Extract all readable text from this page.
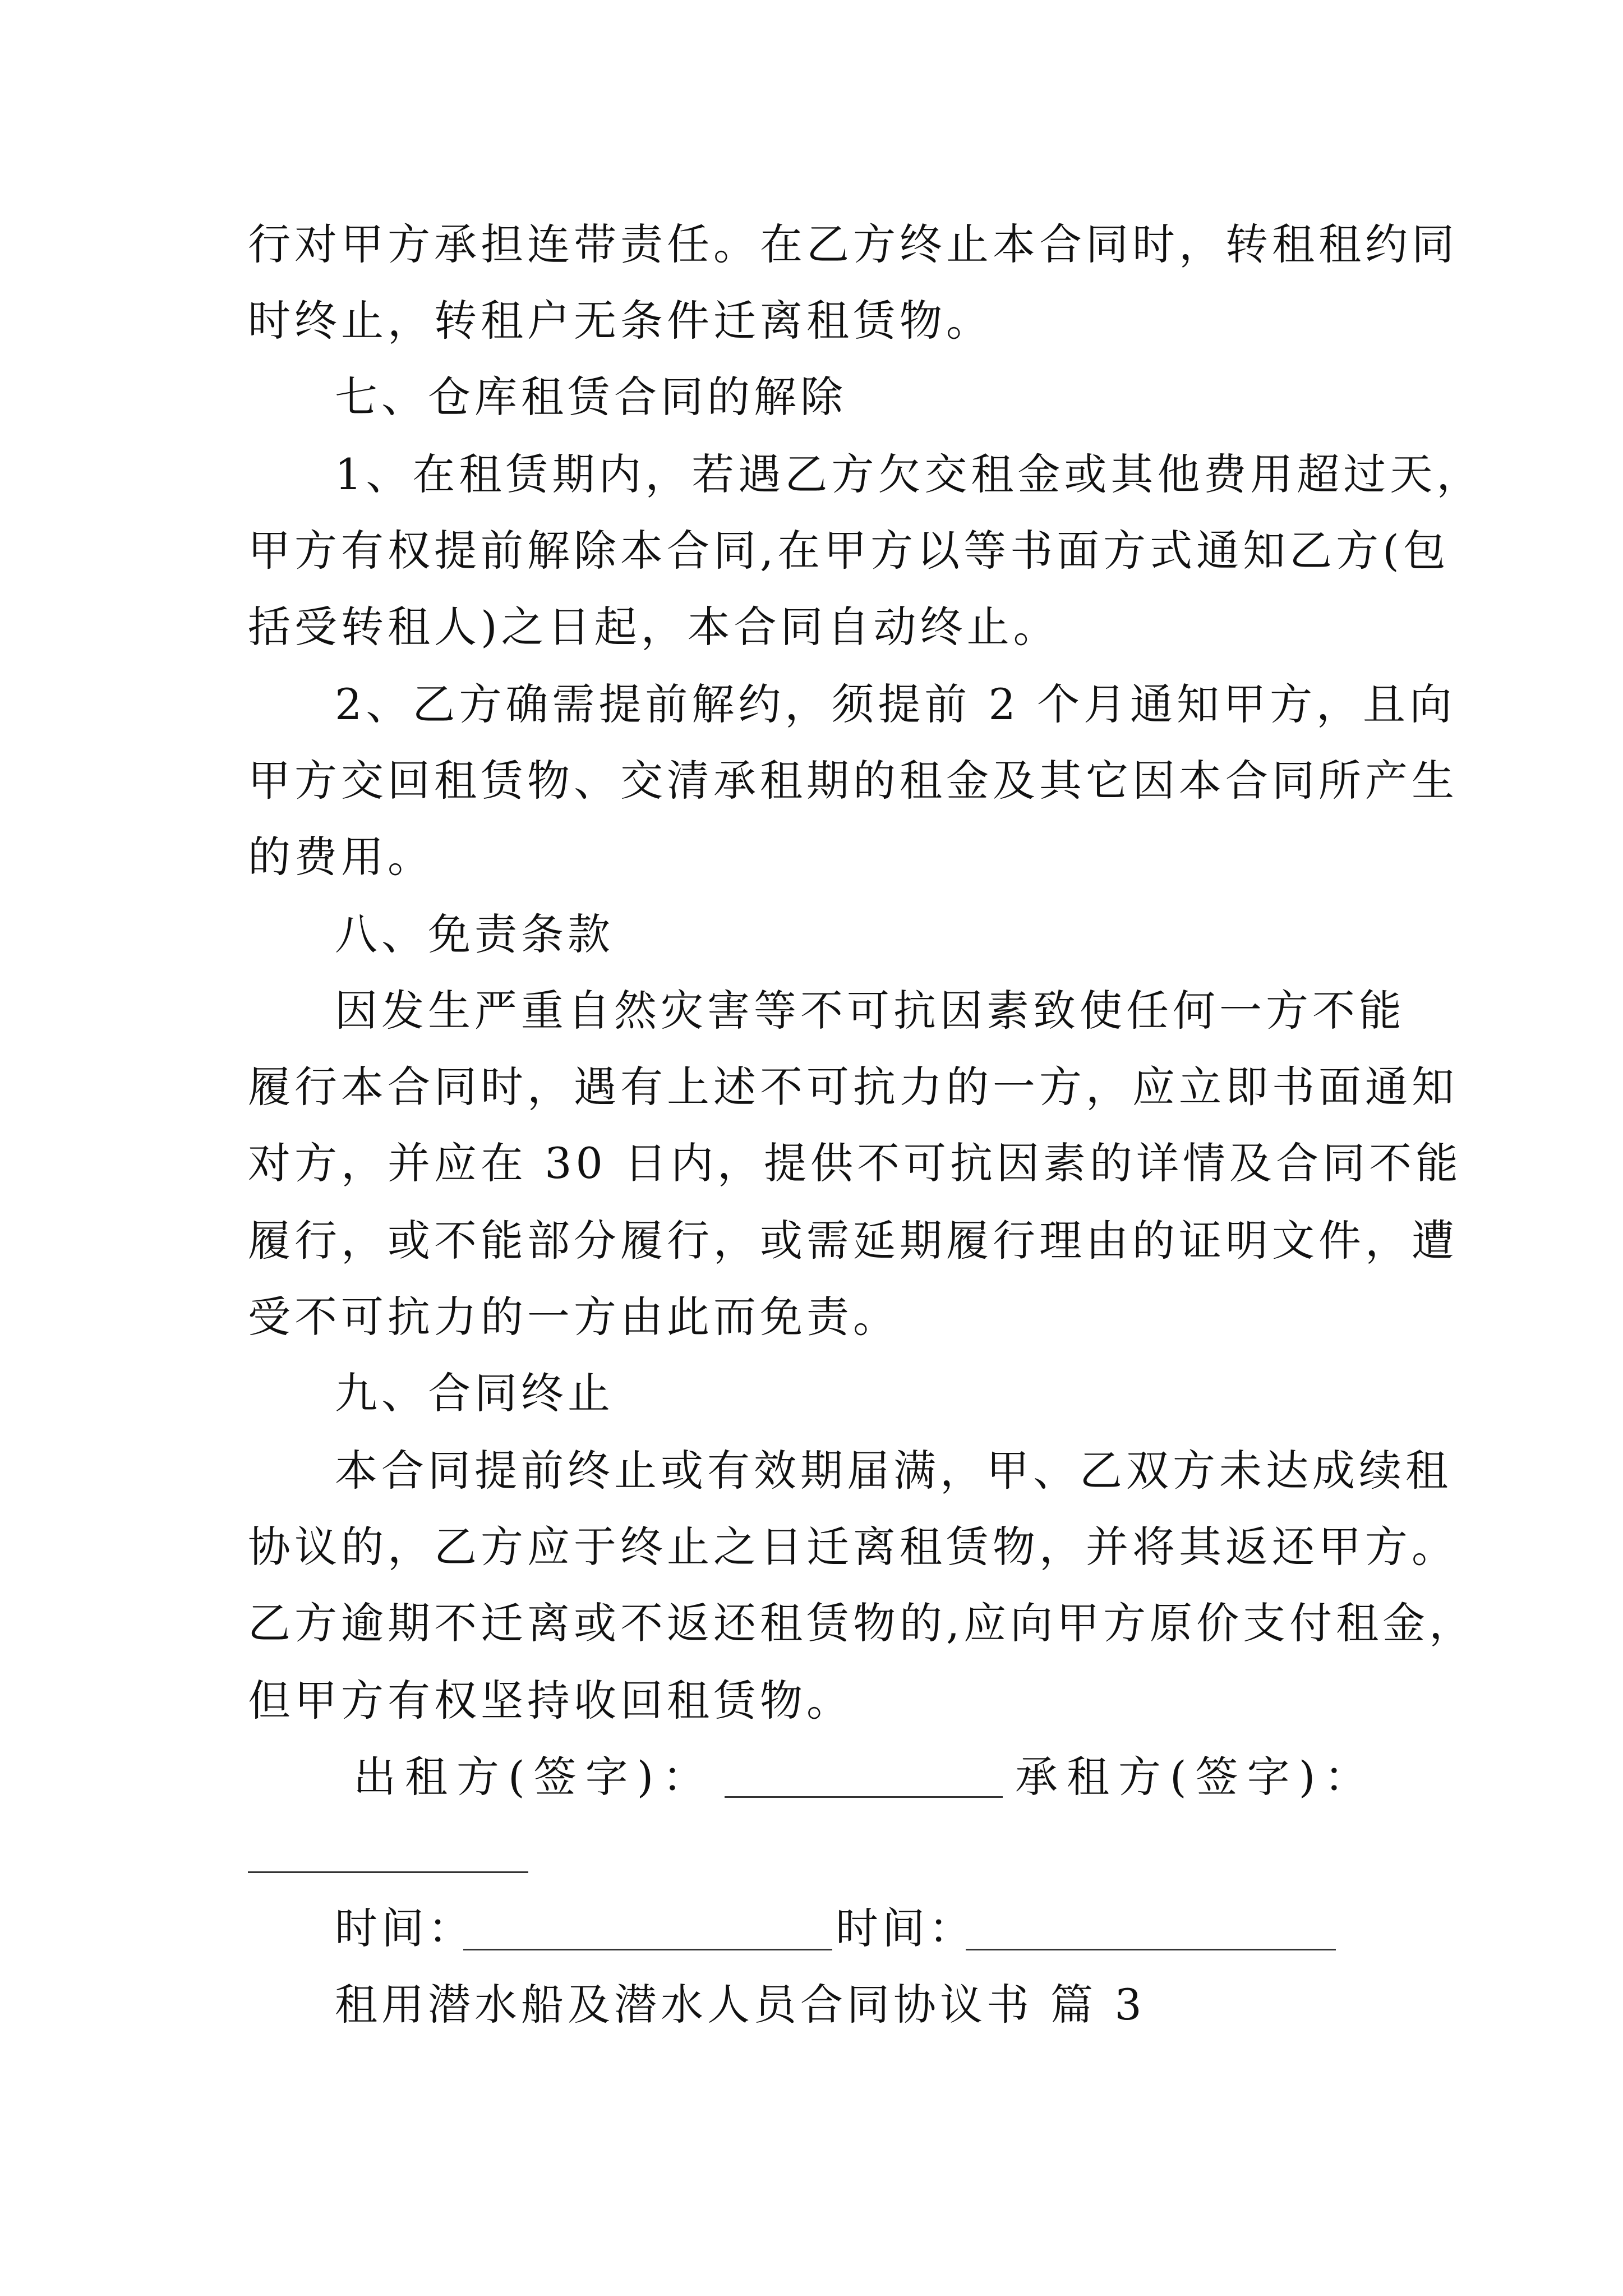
行对甲方承担连带责任。在乙方终止本合同时，转租租约同
时终止，转租户无条件迁离租赁物。
七、仓库租赁合同的解除
1、在租赁期内，若遇乙方欠交租金或其他费用超过天，
甲方有权提前解除本合同,在甲方以等书面方式通知乙方(包
括受转租人)之日起，本合同自动终止。
2、乙方确需提前解约，须提前 2 个月通知甲方，且向
甲方交回租赁物、交清承租期的租金及其它因本合同所产生
的费用。
八、免责条款
因发生严重自然灾害等不可抗因素致使任何一方不能
履行本合同时，遇有上述不可抗力的一方，应立即书面通知
对方，并应在 30 日内，提供不可抗因素的详情及合同不能
履行，或不能部分履行，或需延期履行理由的证明文件，遭
受不可抗力的一方由此而免责。
九、合同终止
本合同提前终止或有效期届满，甲、乙双方未达成续租
协议的，乙方应于终止之日迁离租赁物，并将其返还甲方。
乙方逾期不迁离或不返还租赁物的,应向甲方原价支付租金，
但甲方有权坚持收回租赁物。
出租方(签字)：	承租方(签字)：
时间：	时间：
租用潜水船及潜水人员合同协议书 篇 3
